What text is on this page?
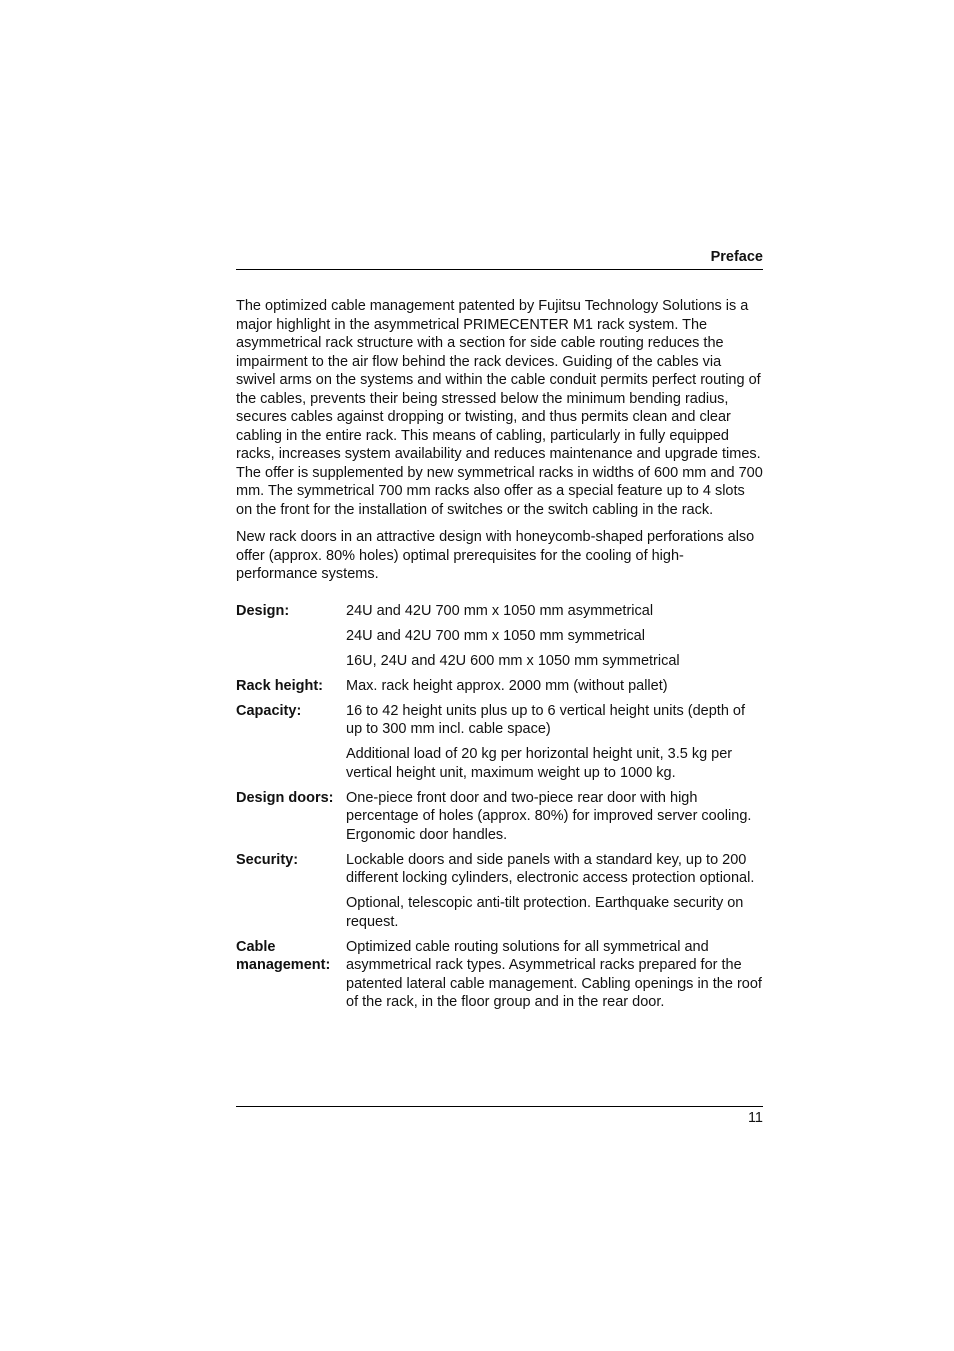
Preface

The optimized cable management patented by Fujitsu Technology Solutions is a major highlight in the asymmetrical PRIMECENTER M1 rack system. The asymmetrical rack structure with a section for side cable routing reduces the impairment to the air flow behind the rack devices. Guiding of the cables via swivel arms on the systems and within the cable conduit permits perfect routing of the cables, prevents their being stressed below the minimum bending radius, secures cables against dropping or twisting, and thus permits clean and clear cabling in the entire rack. This means of cabling, particularly in fully equipped racks, increases system availability and reduces maintenance and upgrade times. The offer is supplemented by new symmetrical racks in widths of 600 mm and 700 mm. The symmetrical 700 mm racks also offer as a special feature up to 4 slots on the front for the installation of switches or the switch cabling in the rack.

New rack doors in an attractive design with honeycomb-shaped perforations also offer (approx. 80% holes) optimal prerequisites for the cooling of high-performance systems.

Design:	24U and 42U 700 mm x 1050 mm asymmetrical

24U and 42U 700 mm x 1050 mm symmetrical

16U, 24U and 42U 600 mm x 1050 mm symmetrical

Rack height:	Max. rack height approx. 2000 mm (without pallet)

Capacity:	16 to 42 height units plus up to 6 vertical height units (depth of up to 300 mm incl. cable space)

Additional load of 20 kg per horizontal height unit, 3.5 kg per vertical height unit, maximum weight up to 1000 kg.

Design doors: One-piece front door and two-piece rear door with high percentage of holes (approx. 80%) for improved server cooling. Ergonomic door handles.

Security:	Lockable doors and side panels with a standard key, up to 200 different locking cylinders, electronic access protection optional.

Optional, telescopic anti-tilt protection. Earthquake security on request.

Cable management:

Optimized cable routing solutions for all symmetrical and asymmetrical rack types. Asymmetrical racks prepared for the patented lateral cable management. Cabling openings in the roof of the rack, in the floor group and in the rear door.

11
